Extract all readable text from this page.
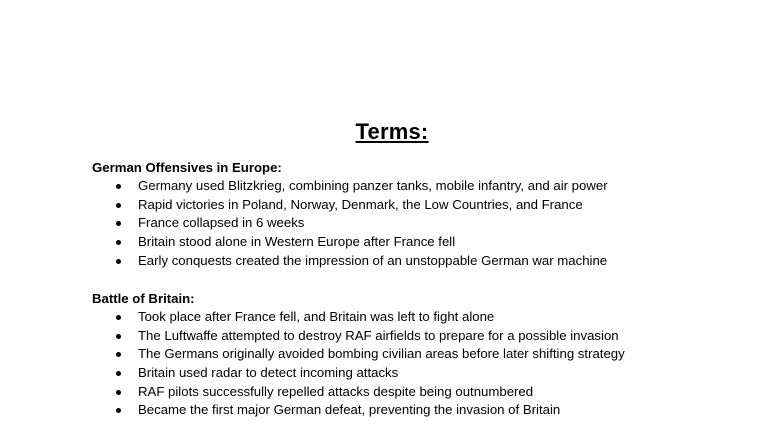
Terms:
German Offensives in Europe:
Germany used Blitzkrieg, combining panzer tanks, mobile infantry, and air power
Rapid victories in Poland, Norway, Denmark, the Low Countries, and France
France collapsed in 6 weeks
Britain stood alone in Western Europe after France fell
Early conquests created the impression of an unstoppable German war machine
Battle of Britain:
Took place after France fell, and Britain was left to fight alone
The Luftwaffe attempted to destroy RAF airfields to prepare for a possible invasion
The Germans originally avoided bombing civilian areas before later shifting strategy
Britain used radar to detect incoming attacks
RAF pilots successfully repelled attacks despite being outnumbered
Became the first major German defeat, preventing the invasion of Britain
